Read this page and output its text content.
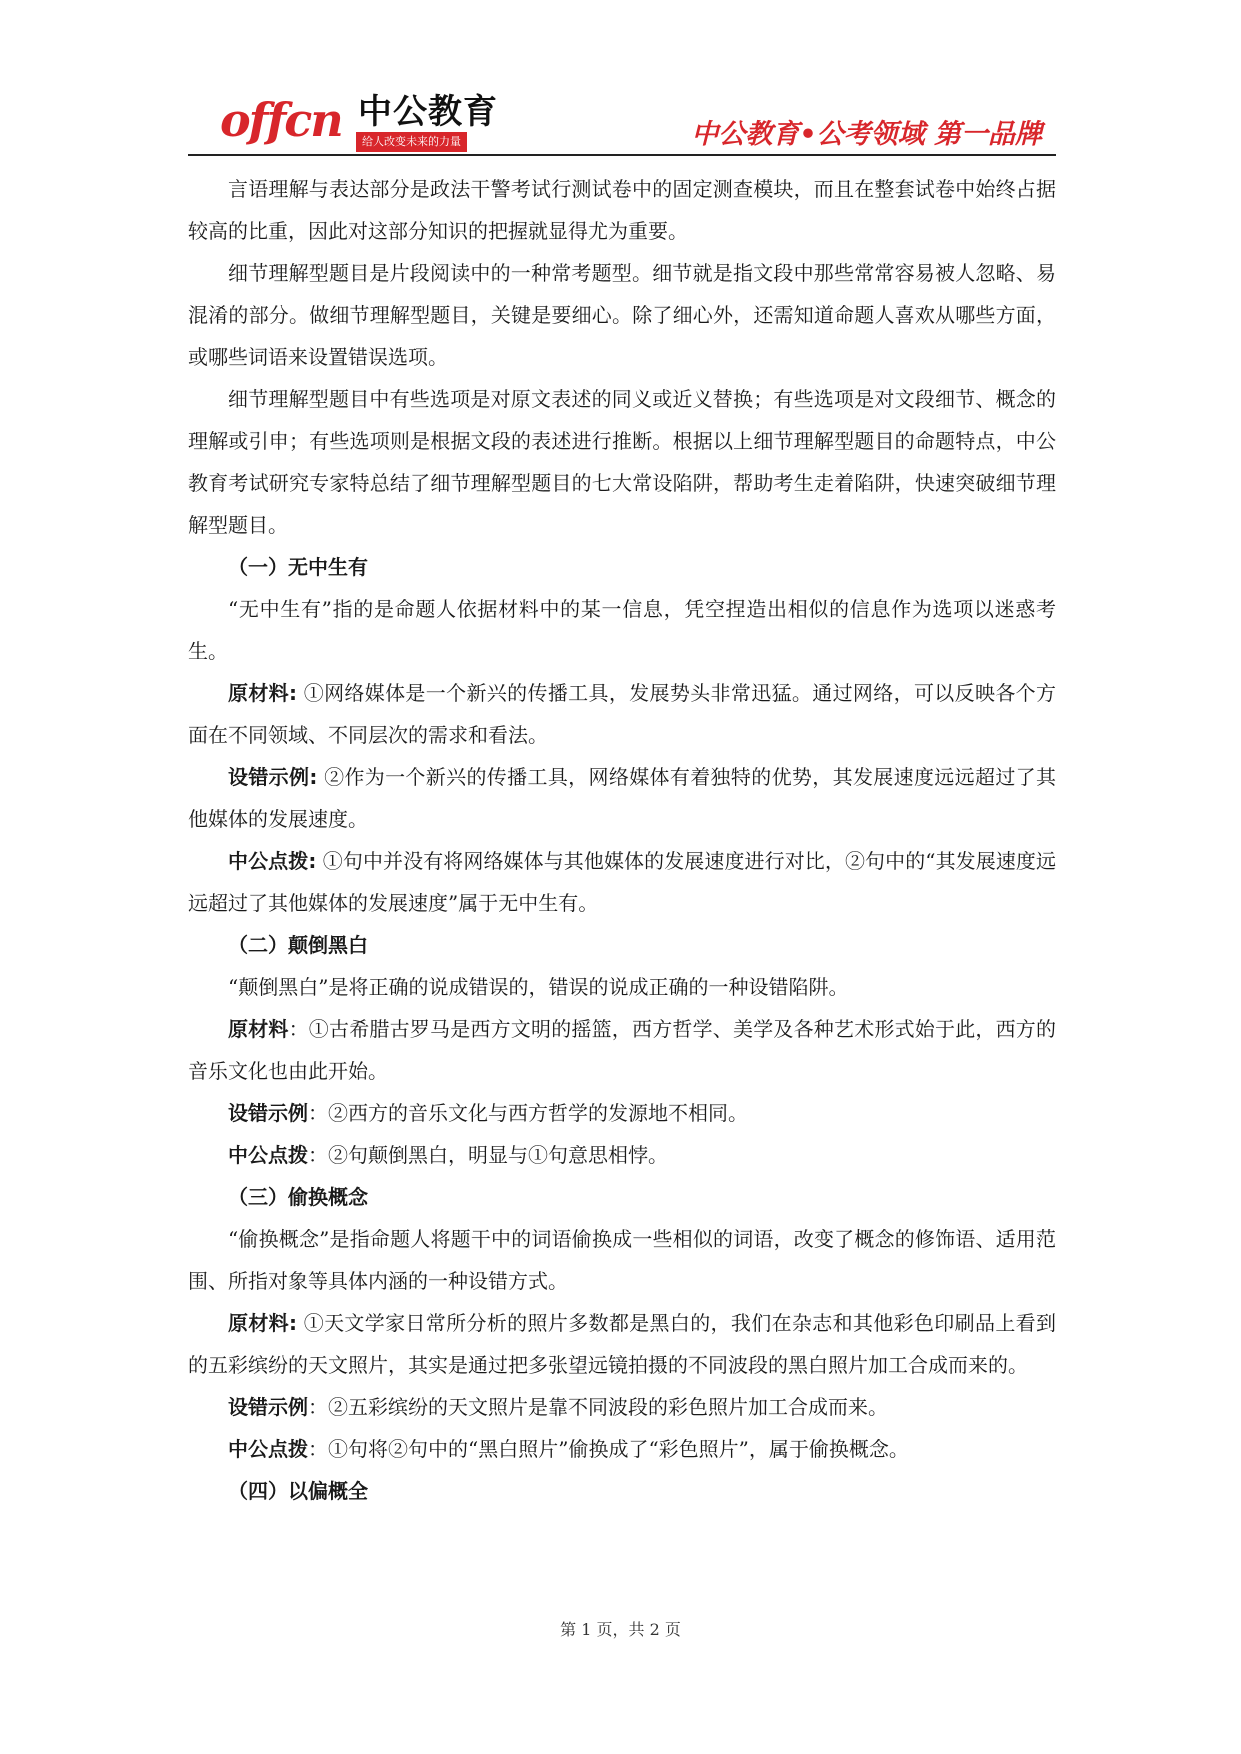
offcn 中公教育
给人改变未来的力量	中公教育•公考领域 第一品牌

言语理解与表达部分是政法干警考试行测试卷中的固定测查模块，而且在整套试卷中始终占据较高的比重，因此对这部分知识的把握就显得尤为重要。

细节理解型题目是片段阅读中的一种常考题型。细节就是指文段中那些常常容易被人忽略、易混淆的部分。做细节理解型题目，关键是要细心。除了细心外，还需知道命题人喜欢从哪些方面，或哪些词语来设置错误选项。

细节理解型题目中有些选项是对原文表述的同义或近义替换；有些选项是对文段细节、概念的理解或引申；有些选项则是根据文段的表述进行推断。根据以上细节理解型题目的命题特点，中公教育考试研究专家特总结了细节理解型题目的七大常设陷阱，帮助考生走着陷阱，快速突破细节理解型题目。

（一）无中生有

“无中生有”指的是命题人依据材料中的某一信息，凭空捏造出相似的信息作为选项以迷惑考生。

原材料: ①网络媒体是一个新兴的传播工具，发展势头非常迅猛。通过网络，可以反映各个方面在不同领域、不同层次的需求和看法。

设错示例: ②作为一个新兴的传播工具，网络媒体有着独特的优势，其发展速度远远超过了其他媒体的发展速度。

中公点拨: ①句中并没有将网络媒体与其他媒体的发展速度进行对比，②句中的“其发展速度远远超过了其他媒体的发展速度”属于无中生有。

（二）颠倒黑白

“颠倒黑白”是将正确的说成错误的，错误的说成正确的一种设错陷阱。

原材料：①古希腊古罗马是西方文明的摇篮，西方哲学、美学及各种艺术形式始于此，西方的音乐文化也由此开始。

设错示例：②西方的音乐文化与西方哲学的发源地不相同。

中公点拨：②句颠倒黑白，明显与①句意思相悖。

（三）偷换概念

“偷换概念”是指命题人将题干中的词语偷换成一些相似的词语，改变了概念的修饰语、适用范围、所指对象等具体内涵的一种设错方式。

原材料: ①天文学家日常所分析的照片多数都是黑白的，我们在杂志和其他彩色印刷品上看到的五彩缤纷的天文照片，其实是通过把多张望远镜拍摄的不同波段的黑白照片加工合成而来的。

设错示例：②五彩缤纷的天文照片是靠不同波段的彩色照片加工合成而来。

中公点拨：①句将②句中的“黑白照片”偷换成了“彩色照片”，属于偷换概念。

（四）以偏概全

第 1 页，共 2 页
